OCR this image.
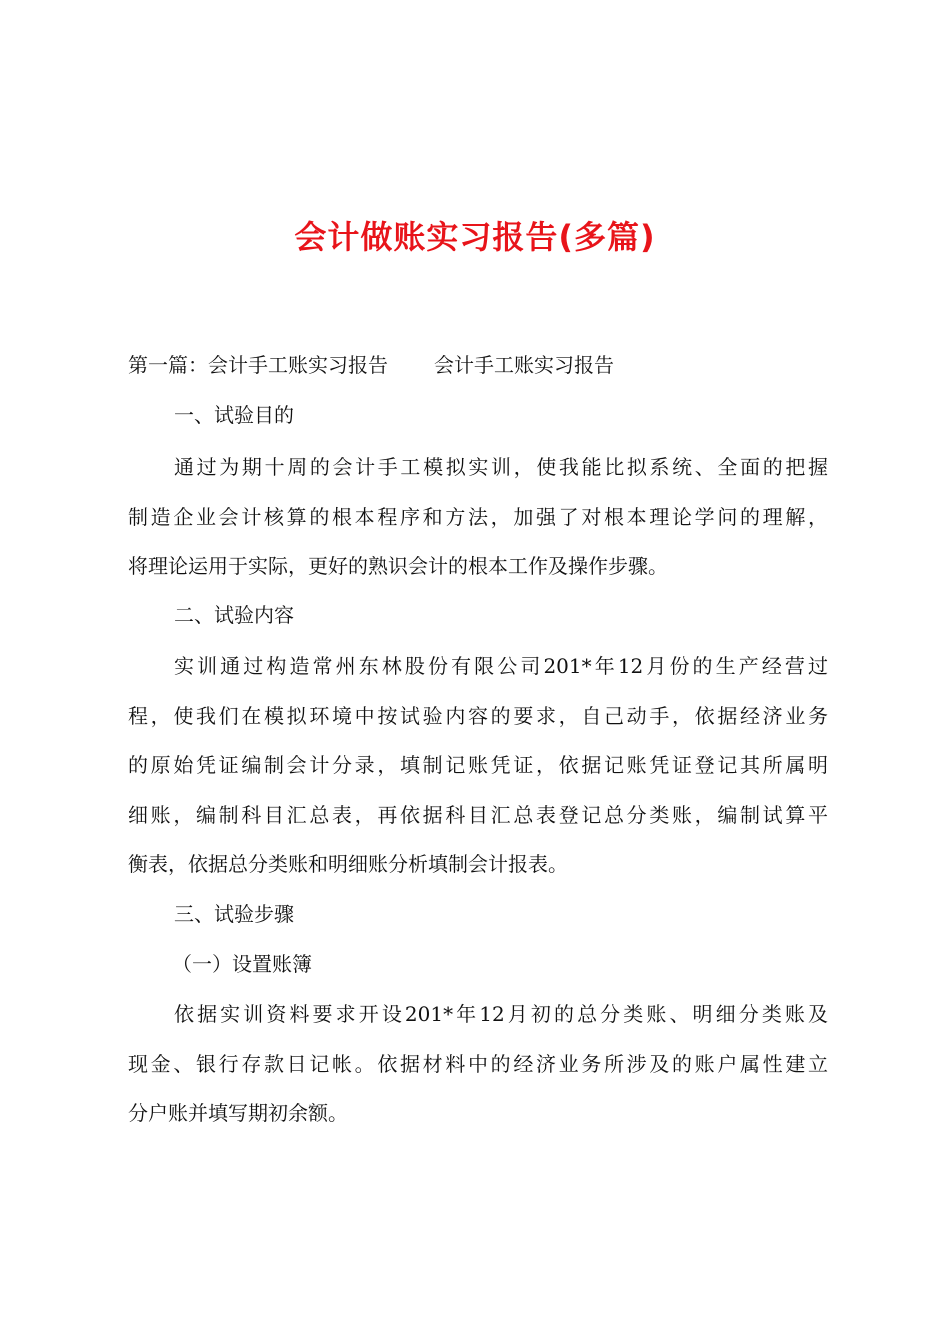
会计做账实习报告(多篇)
第一篇：会计手工账实习报告 会计手工账实习报告
一、试验目的
通过为期十周的会计手工模拟实训，使我能比拟系统、全面的把握
制造企业会计核算的根本程序和方法，加强了对根本理论学问的理解，
将理论运用于实际，更好的熟识会计的根本工作及操作步骤。
二、试验内容
实训通过构造常州东林股份有限公司201*年12月份的生产经营过
程，使我们在模拟环境中按试验内容的要求，自己动手，依据经济业务
的原始凭证编制会计分录，填制记账凭证，依据记账凭证登记其所属明
细账，编制科目汇总表，再依据科目汇总表登记总分类账，编制试算平
衡表，依据总分类账和明细账分析填制会计报表。
三、试验步骤
（一）设置账簿
依据实训资料要求开设201*年12月初的总分类账、明细分类账及
现金、银行存款日记帐。依据材料中的经济业务所涉及的账户属性建立
分户账并填写期初余额。
